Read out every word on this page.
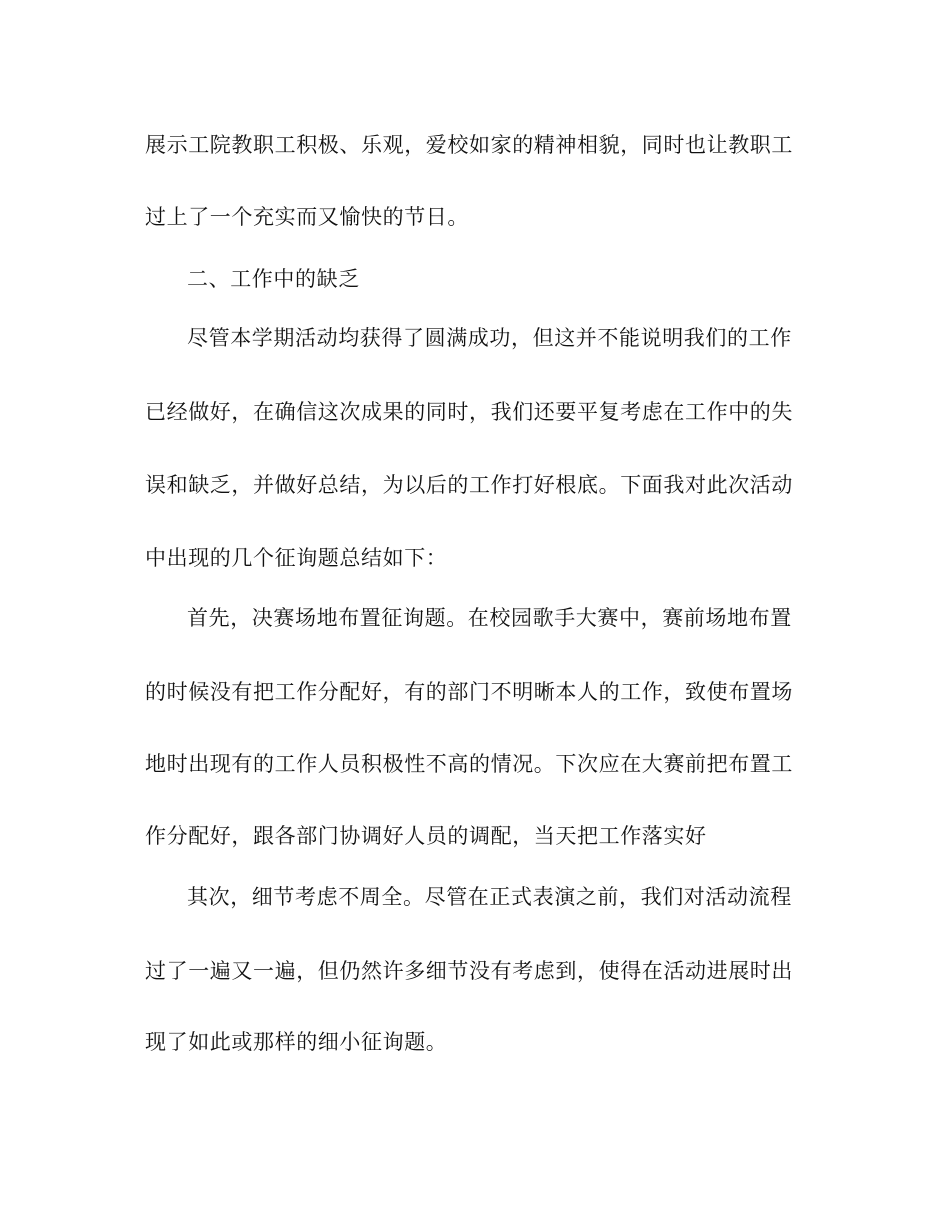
展示工院教职工积极、乐观，爱校如家的精神相貌，同时也让教职工
过上了一个充实而又愉快的节日。
二、工作中的缺乏
尽管本学期活动均获得了圆满成功，但这并不能说明我们的工作
已经做好，在确信这次成果的同时，我们还要平复考虑在工作中的失
误和缺乏，并做好总结，为以后的工作打好根底。下面我对此次活动
中出现的几个征询题总结如下：
首先，决赛场地布置征询题。在校园歌手大赛中，赛前场地布置
的时候没有把工作分配好，有的部门不明晰本人的工作，致使布置场
地时出现有的工作人员积极性不高的情况。下次应在大赛前把布置工
作分配好，跟各部门协调好人员的调配，当天把工作落实好
其次，细节考虑不周全。尽管在正式表演之前，我们对活动流程
过了一遍又一遍，但仍然许多细节没有考虑到，使得在活动进展时出
现了如此或那样的细小征询题。
